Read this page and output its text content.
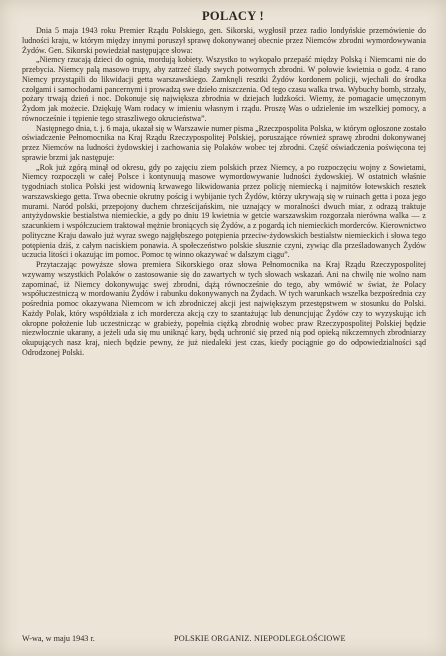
POLACY !

Dnia 5 maja 1943 roku Premier Rządu Polskiego, gen. Sikorski, wygłosił przez radio londyńskie przemówienie do ludności kraju, w którym między innymi poruszył sprawę dokonywanej obecnie przez Niemców zbrodni wymordowywania Żydów. Gen. Sikorski powiedział następujące słowa:

„Niemcy rzucają dzieci do ognia, mordują kobiety. Wszystko to wykopało przepaść między Polską i Niemcami nie do przebycia. Niemcy palą masowo trupy, aby zatrzeć ślady swych potwornych zbrodni. W połowie kwietnia o godz. 4 rano Niemcy przystąpili do likwidacji getta warszawskiego. Zamknęli resztki Żydów kordonem policji, wjechali do środka czołgami i samochodami pancernymi i prowadzą swe dzieło zniszczenia. Od tego czasu walka trwa. Wybuchy bomb, strzały, pożary trwają dzień i noc. Dokonuje się największa zbrodnia w dziejach ludzkości. Wiemy, że pomagacie umęczonym Żydom jak możecie. Dziękuję Wam rodacy w imieniu własnym i rządu. Proszę Was o udzielenie im wszelkiej pomocy, a równocześnie i tępienie tego straszliwego okrucieństwa”.

Następnego dnia, t. j. 6 maja, ukazał się w Warszawie numer pisma „Rzeczpospolita Polska, w którym ogłoszone zostało oświadczenie Pełnomocnika na Kraj Rządu Rzeczypospolitej Polskiej, poruszające również sprawę zbrodni dokonywanej przez Niemców na ludności żydowskiej i zachowania się Polaków wobec tej zbrodni. Część oświadczenia poświęcona tej sprawie brzmi jak następuje:

„Rok już zgórą minął od okresu, gdy po zajęciu ziem polskich przez Niemcy, a po rozpoczęciu wojny z Sowietami, Niemcy rozpoczęli w całej Polsce i kontynuują masowe wymordowywanie ludności żydowskiej. W ostatnich właśnie tygodniach stolica Polski jest widownią krwawego likwidowania przez policję niemiecką i najmitów łotewskich resztek warszawskiego getta. Trwa obecnie okrutny pościg i wybijanie tych Żydów, którzy ukrywają się w ruinach getta i poza jego murami. Naród polski, przepojony duchem chrześcijańskim, nie uznający w moralności dwuch miar, z odrazą traktuje antyżydowskie bestialstwa niemieckie, a gdy po dniu 19 kwietnia w getcie warszawskim rozgorzała nierówna walka — z szacunkiem i współczuciem traktował mężnie broniących się Żydów, a z pogardą ich niemieckich morderców. Kierownictwo polityczne Kraju dawało już wyraz swego najgłębszego potępienia przeciw-żydowskich bestialstw niemieckich i słowa tego potępienia dziś, z całym naciskiem ponawia. A społeczeństwo polskie słusznie czyni, zywiąc dla prześladowanych Żydów uczucia litości i okazując im pomoc. Pomoc tę winno okazywać w dalszym ciągu”.

Przytaczając powyższe słowa premiera Sikorskiego oraz słowa Pełnomocnika na Kraj Rządu Rzeczypospolitej wzywamy wszystkich Polaków o zastosowanie się do zawartych w tych słowach wskazań. Ani na chwilę nie wolno nam zapominać, iż Niemcy dokonywując swej zbrodni, dążą równocześnie do tego, aby wmówić w świat, że Polacy współuczestniczą w mordowaniu Żydów i rabunku dokonywanych na Żydach. W tych warunkach wszelka bezpośrednia czy pośrednia pomoc okazywana Niemcom w ich zbrodniczej akcji jest największym przestępstwem w stosunku do Polski. Każdy Polak, który współdziała z ich mordercza akcją czy to szantażując lub denuncjując Żydów czy to wyzyskując ich okropne położenie lub uczestnicząc w grabieży, popełnia ciężką zbrodnię wobec praw Rzeczypospolitej Polskiej będzie niezwłocznie ukarany, a jeżeli uda się mu uniknąć kary, będą uchronić się przed nią pod opieką nikczemnych zbrodniarzy okupujących nasz kraj, niech będzie pewny, że już niedaleki jest czas, kiedy pociągnie go do odpowiedzialności sąd Odrodzonej Polski.

W-wa, w maju 1943 r.	POLSKIE ORGANIZ. NIEPODLEGŁOŚCIOWE
